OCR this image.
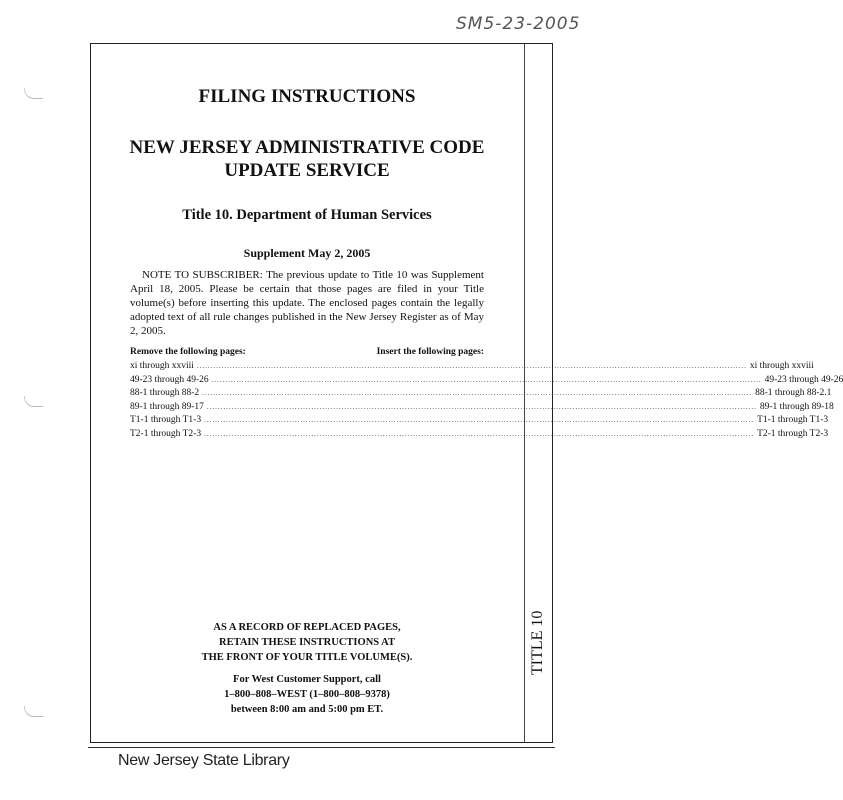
SM5-23-2005
TITLE 10
FILING INSTRUCTIONS
NEW JERSEY ADMINISTRATIVE CODE
UPDATE SERVICE
Title 10. Department of Human Services
Supplement May 2, 2005
NOTE TO SUBSCRIBER: The previous update to Title 10 was Supplement April 18, 2005. Please be certain that those pages are filed in your Title volume(s) before inserting this update. The enclosed pages contain the legally adopted text of all rule changes published in the New Jersey Register as of May 2, 2005.
Remove the following pages:	Insert the following pages:
xi through xxviii ........................................................................................................................................................................................................ xi through xxviii
49-23 through 49-26 ........................................................................................................................................................................................................ 49-23 through 49-26
88-1 through 88-2 ........................................................................................................................................................................................................ 88-1 through 88-2.1
89-1 through 89-17 ........................................................................................................................................................................................................ 89-1 through 89-18
T1-1 through T1-3 ........................................................................................................................................................................................................ T1-1 through T1-3
T2-1 through T2-3 ........................................................................................................................................................................................................ T2-1 through T2-3
AS A RECORD OF REPLACED PAGES,
RETAIN THESE INSTRUCTIONS AT
THE FRONT OF YOUR TITLE VOLUME(S).
For West Customer Support, call
1–800–808–WEST (1–800–808–9378)
between 8:00 am and 5:00 pm ET.
New Jersey State Library
